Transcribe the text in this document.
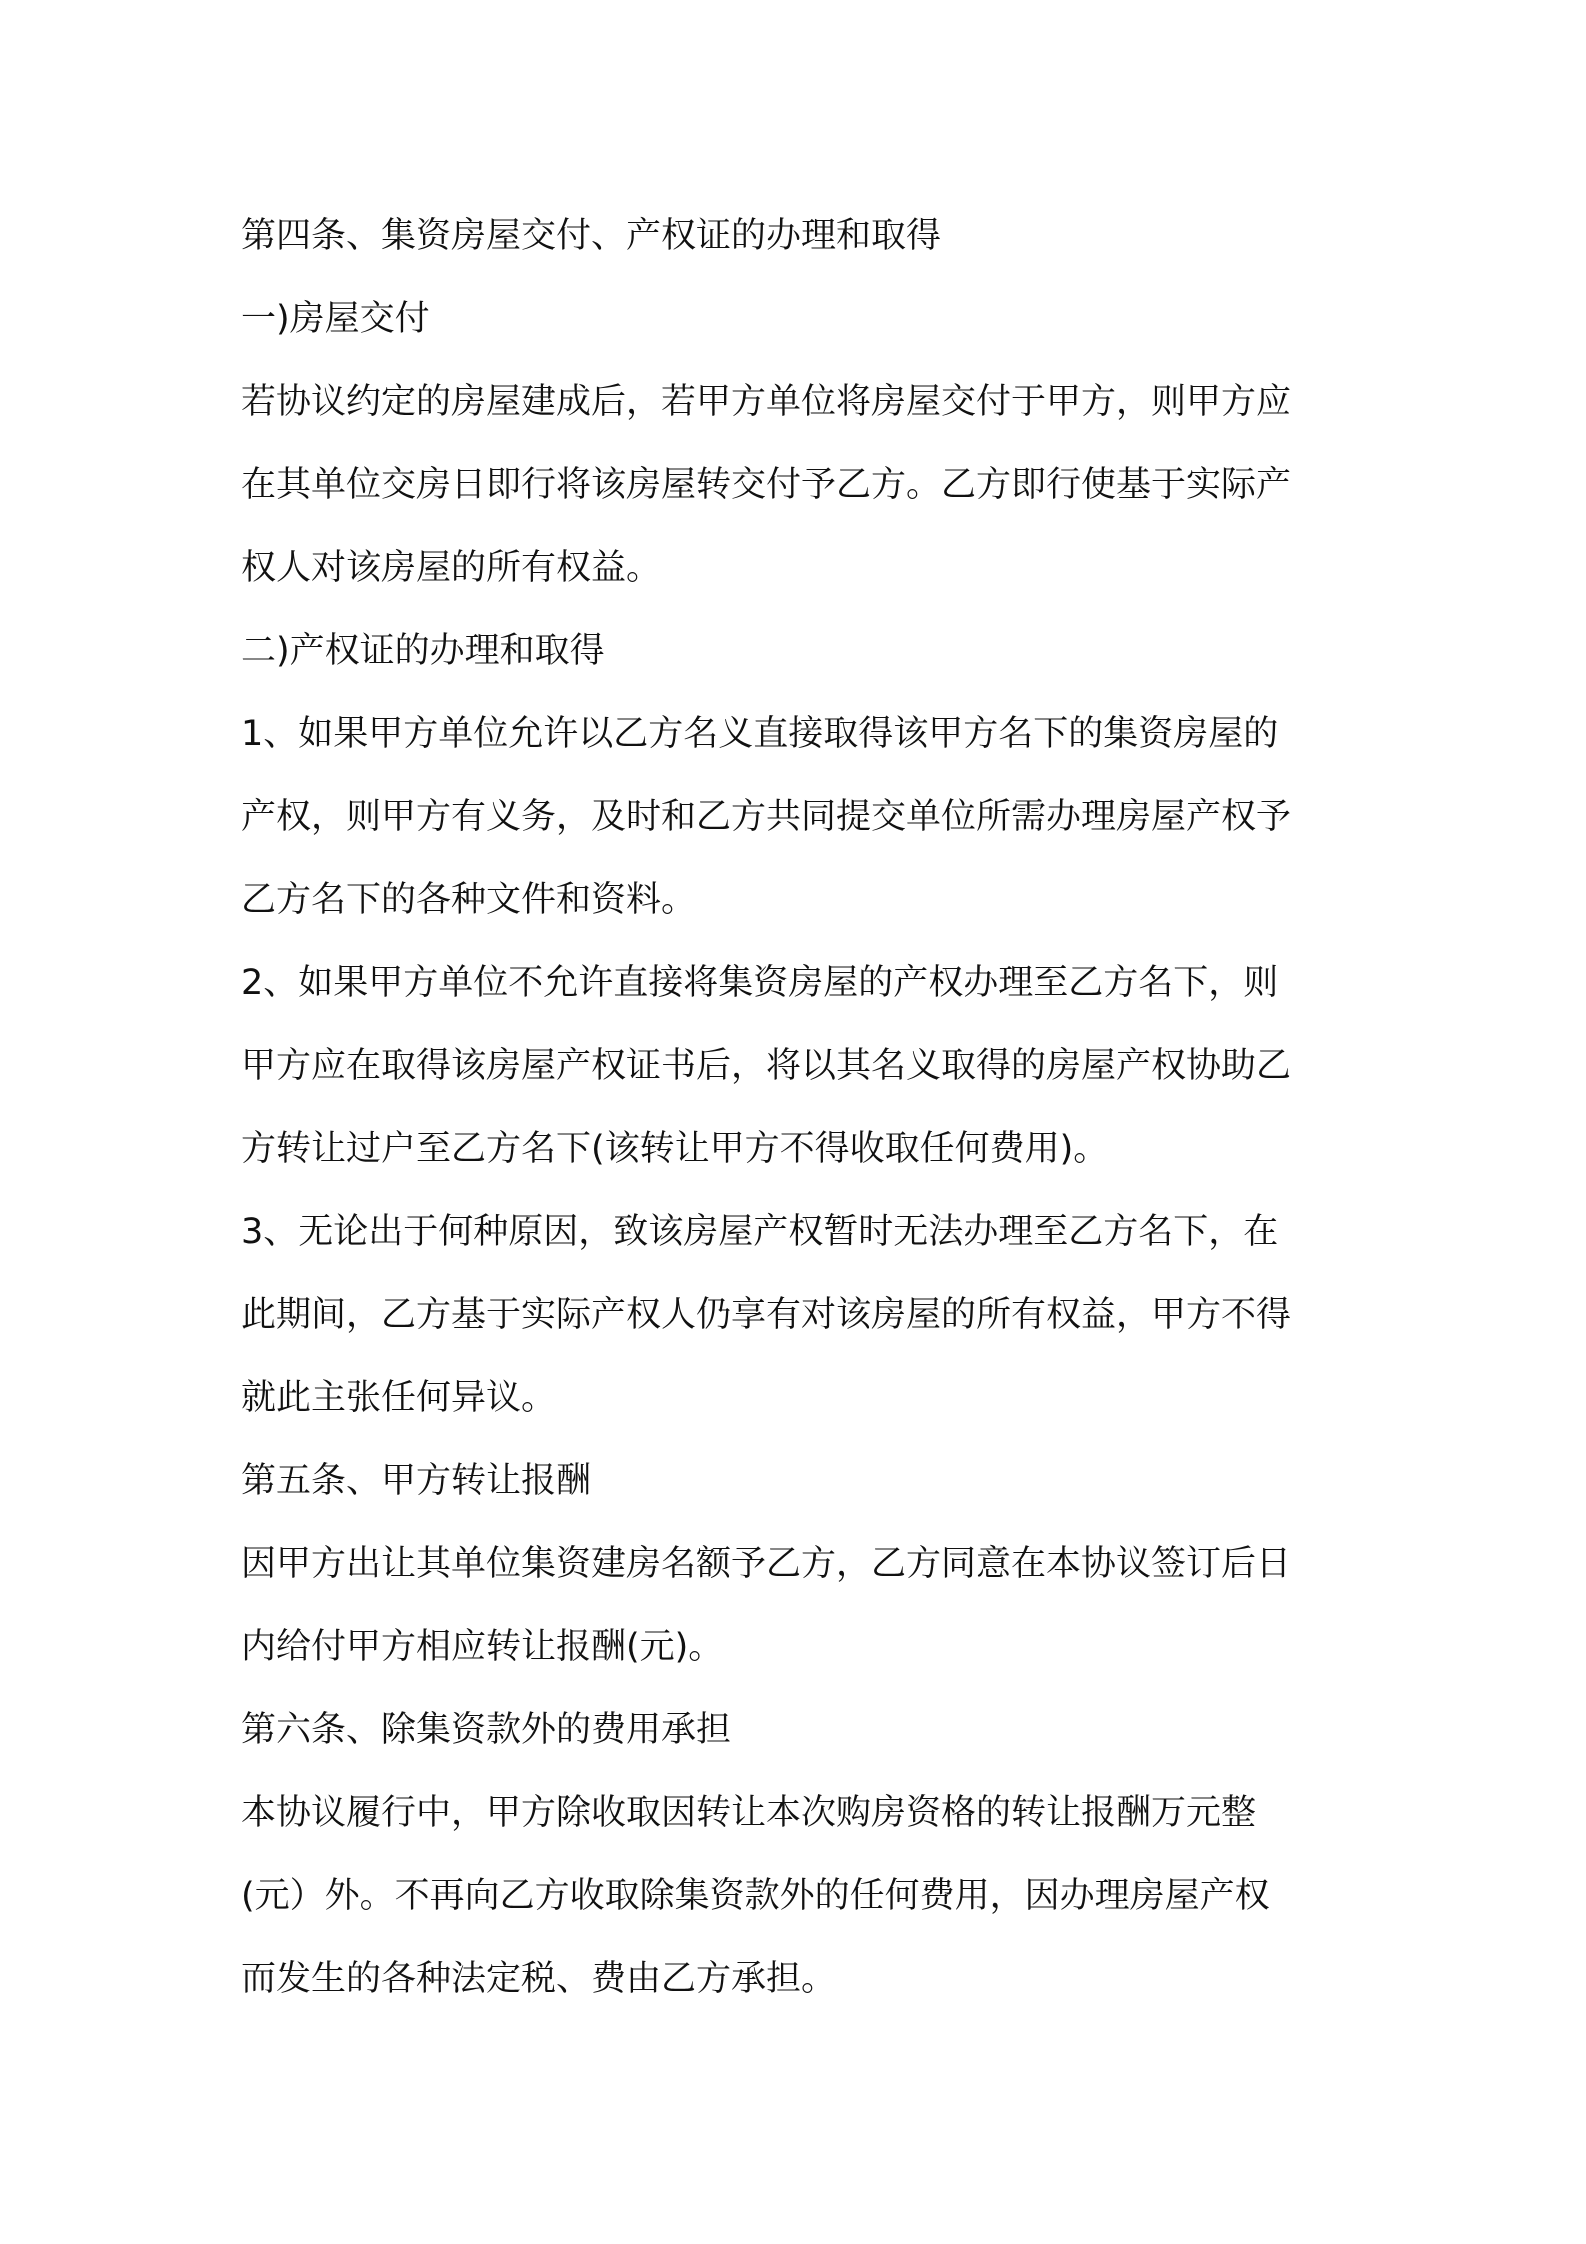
第四条、集资房屋交付、产权证的办理和取得
一)房屋交付
若协议约定的房屋建成后，若甲方单位将房屋交付于甲方，则甲方应
在其单位交房日即行将该房屋转交付予乙方。乙方即行使基于实际产
权人对该房屋的所有权益。
二)产权证的办理和取得
1、如果甲方单位允许以乙方名义直接取得该甲方名下的集资房屋的
产权，则甲方有义务，及时和乙方共同提交单位所需办理房屋产权予
乙方名下的各种文件和资料。
2、如果甲方单位不允许直接将集资房屋的产权办理至乙方名下，则
甲方应在取得该房屋产权证书后，将以其名义取得的房屋产权协助乙
方转让过户至乙方名下(该转让甲方不得收取任何费用)。
3、无论出于何种原因，致该房屋产权暂时无法办理至乙方名下，在
此期间，乙方基于实际产权人仍享有对该房屋的所有权益，甲方不得
就此主张任何异议。
第五条、甲方转让报酬
因甲方出让其单位集资建房名额予乙方，乙方同意在本协议签订后日
内给付甲方相应转让报酬(元)。
第六条、除集资款外的费用承担
本协议履行中，甲方除收取因转让本次购房资格的转让报酬万元整
(元）外。不再向乙方收取除集资款外的任何费用，因办理房屋产权
而发生的各种法定税、费由乙方承担。
